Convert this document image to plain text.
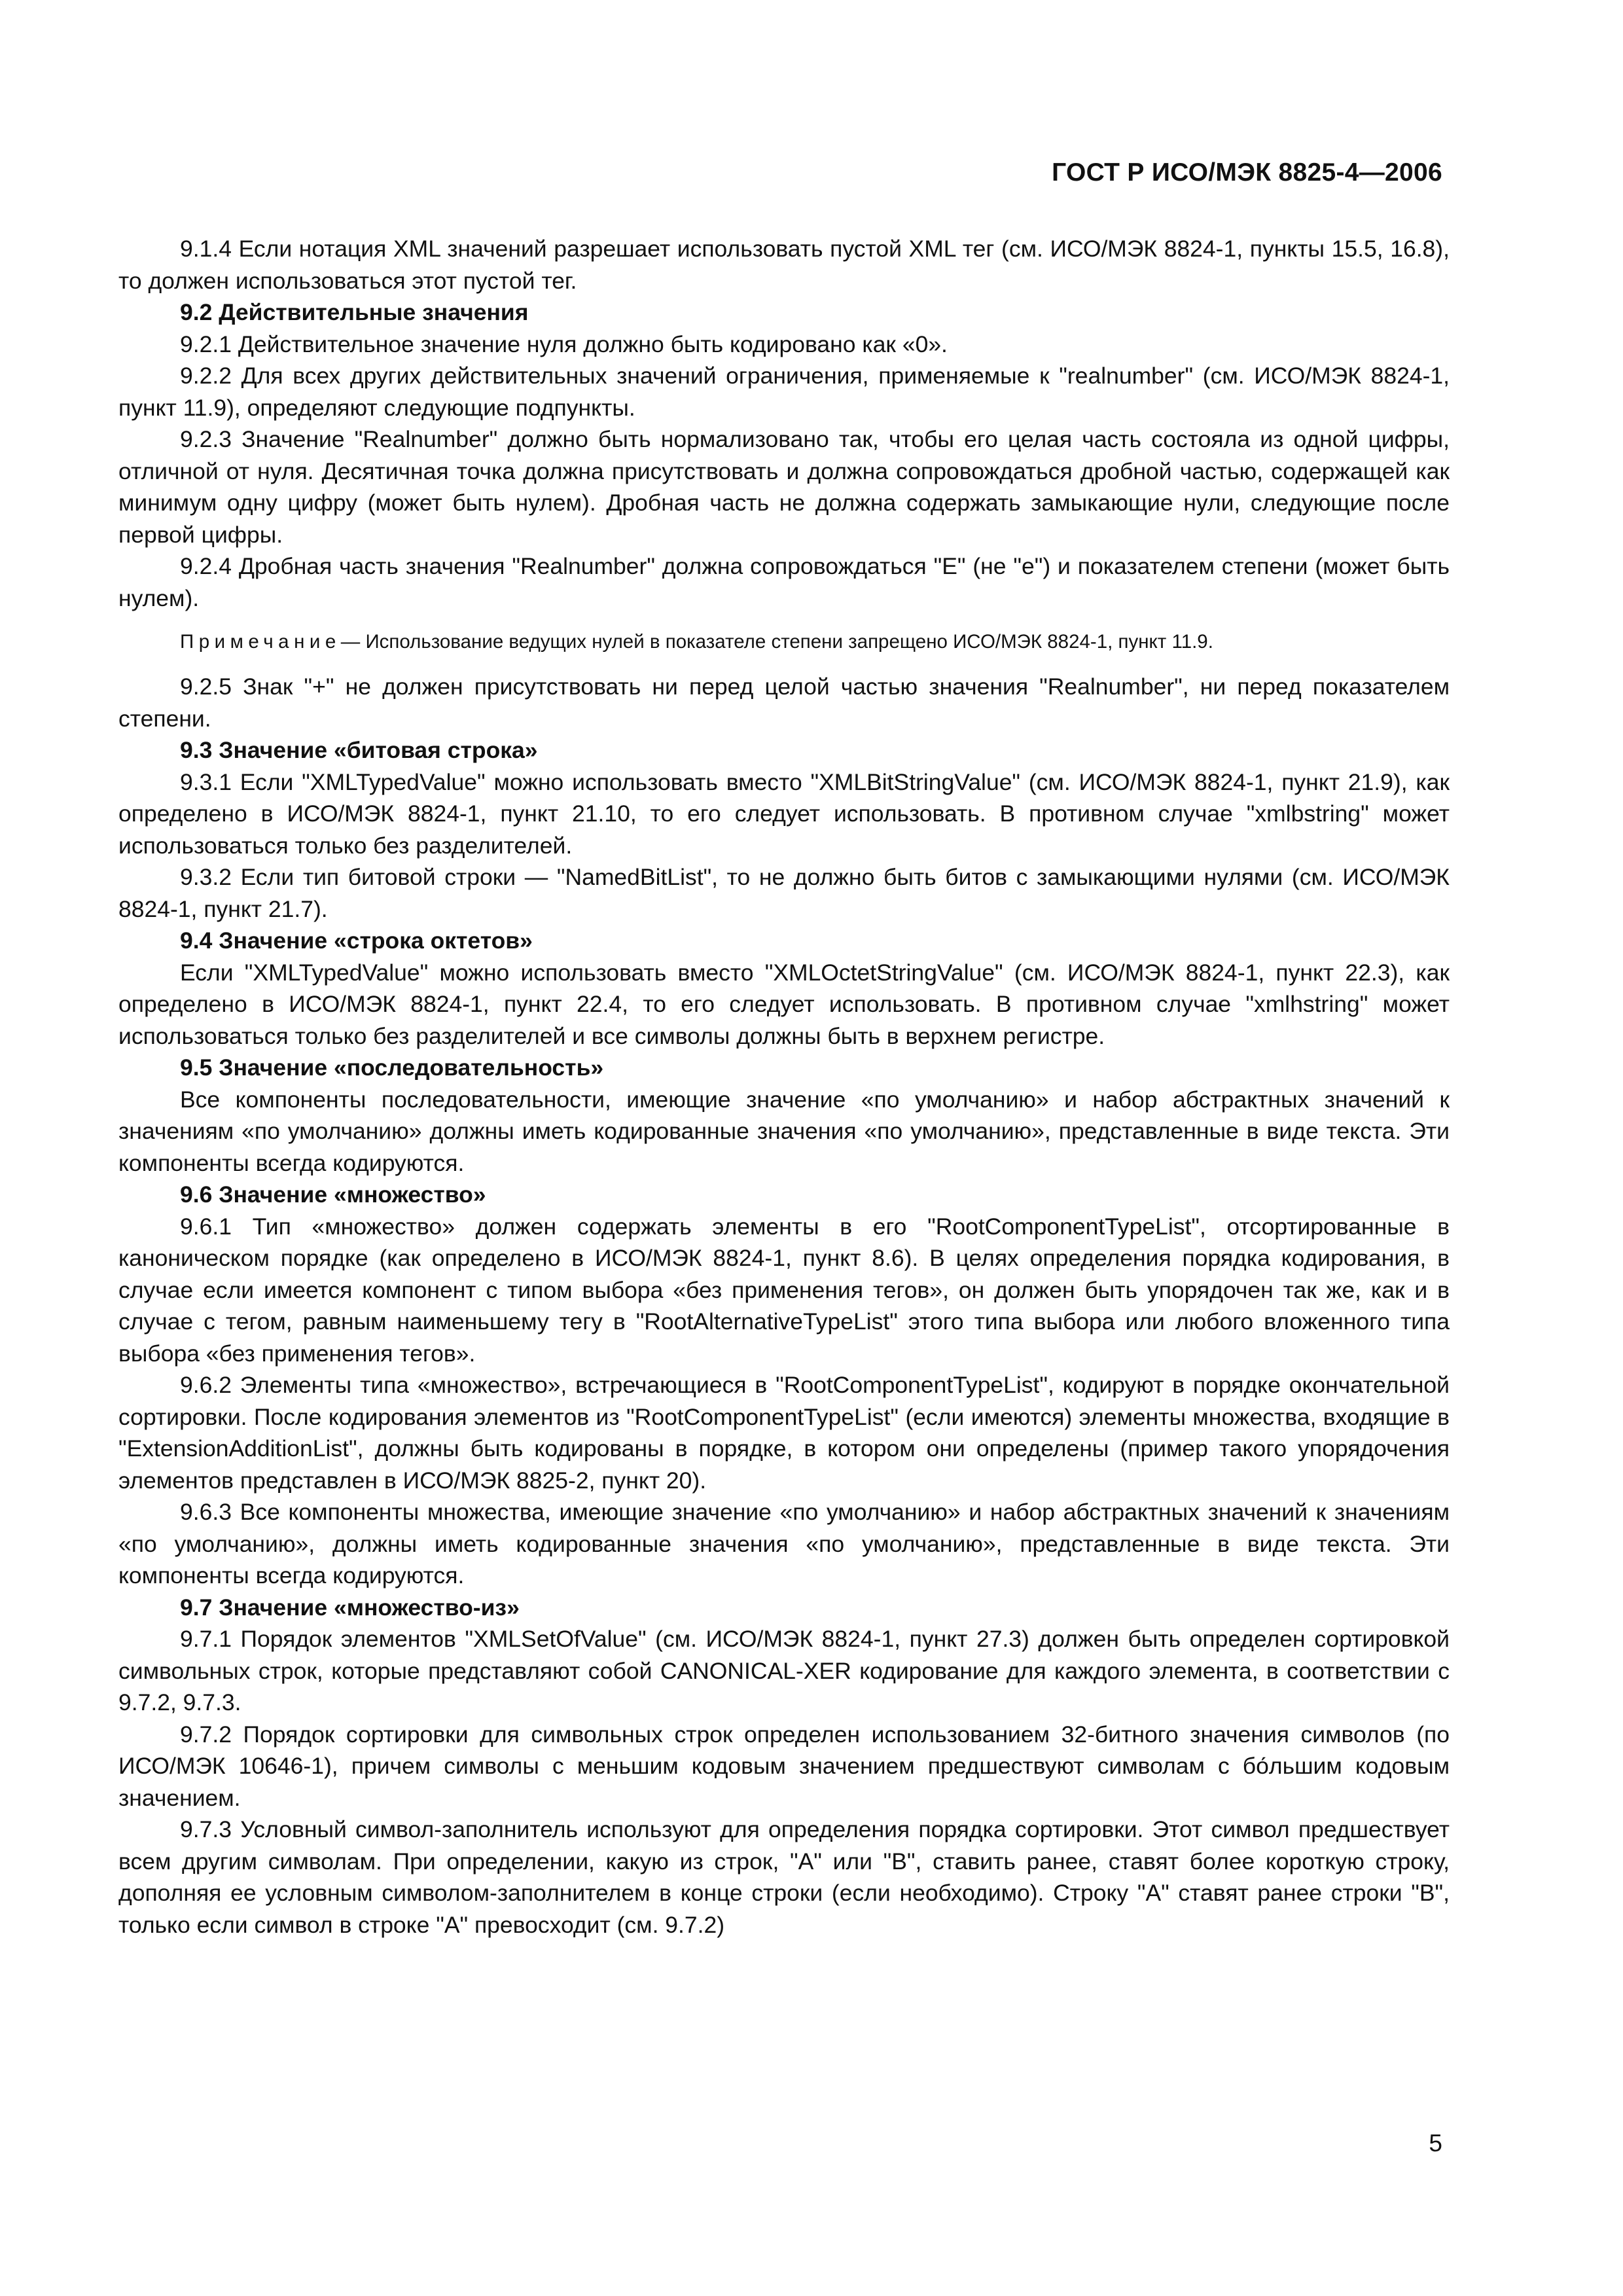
ГОСТ Р ИСО/МЭК 8825-4—2006
9.1.4 Если нотация XML значений разрешает использовать пустой XML тег (см. ИСО/МЭК 8824-1, пункты 15.5, 16.8), то должен использоваться этот пустой тег.
9.2 Действительные значения
9.2.1 Действительное значение нуля должно быть кодировано как «0».
9.2.2 Для всех других действительных значений ограничения, применяемые к "realnumber" (см. ИСО/МЭК 8824-1, пункт 11.9), определяют следующие подпункты.
9.2.3 Значение "Realnumber" должно быть нормализовано так, чтобы его целая часть состояла из одной цифры, отличной от нуля. Десятичная точка должна присутствовать и должна сопровождаться дробной частью, содержащей как минимум одну цифру (может быть нулем). Дробная часть не должна содержать замыкающие нули, следующие после первой цифры.
9.2.4 Дробная часть значения "Realnumber" должна сопровождаться "E" (не "e") и показателем степени (может быть нулем).
Примечание— Использование ведущих нулей в показателе степени запрещено ИСО/МЭК 8824-1, пункт 11.9.
9.2.5 Знак "+" не должен присутствовать ни перед целой частью значения "Realnumber", ни перед показателем степени.
9.3 Значение «битовая строка»
9.3.1 Если "XMLTypedValue" можно использовать вместо "XMLBitStringValue" (см. ИСО/МЭК 8824-1, пункт 21.9), как определено в ИСО/МЭК 8824-1, пункт 21.10, то его следует использовать. В противном случае "xmlbstring" может использоваться только без разделителей.
9.3.2 Если тип битовой строки — "NamedBitList", то не должно быть битов с замыкающими нулями (см. ИСО/МЭК 8824-1, пункт 21.7).
9.4 Значение «строка октетов»
Если "XMLTypedValue" можно использовать вместо "XMLOctetStringValue" (см. ИСО/МЭК 8824-1, пункт 22.3), как определено в ИСО/МЭК 8824-1, пункт 22.4, то его следует использовать. В противном случае "xmlhstring" может использоваться только без разделителей и все символы должны быть в верхнем регистре.
9.5 Значение «последовательность»
Все компоненты последовательности, имеющие значение «по умолчанию» и набор абстрактных значений к значениям «по умолчанию» должны иметь кодированные значения «по умолчанию», представленные в виде текста. Эти компоненты всегда кодируются.
9.6 Значение «множество»
9.6.1 Тип «множество» должен содержать элементы в его "RootComponentTypeList", отсортированные в каноническом порядке (как определено в ИСО/МЭК 8824-1, пункт 8.6). В целях определения порядка кодирования, в случае если имеется компонент с типом выбора «без применения тегов», он должен быть упорядочен так же, как и в случае с тегом, равным наименьшему тегу в "RootAlternativeTypeList" этого типа выбора или любого вложенного типа выбора «без применения тегов».
9.6.2 Элементы типа «множество», встречающиеся в "RootComponentTypeList", кодируют в порядке окончательной сортировки. После кодирования элементов из "RootComponentTypeList" (если имеются) элементы множества, входящие в "ExtensionAdditionList", должны быть кодированы в порядке, в котором они определены (пример такого упорядочения элементов представлен в ИСО/МЭК 8825-2, пункт 20).
9.6.3 Все компоненты множества, имеющие значение «по умолчанию» и набор абстрактных значений к значениям «по умолчанию», должны иметь кодированные значения «по умолчанию», представленные в виде текста. Эти компоненты всегда кодируются.
9.7 Значение «множество-из»
9.7.1 Порядок элементов "XMLSetOfValue" (см. ИСО/МЭК 8824-1, пункт 27.3) должен быть определен сортировкой символьных строк, которые представляют собой CANONICAL-XER кодирование для каждого элемента, в соответствии с 9.7.2, 9.7.3.
9.7.2 Порядок сортировки для символьных строк определен использованием 32-битного значения символов (по ИСО/МЭК 10646-1), причем символы с меньшим кодовым значением предшествуют символам с бо́льшим кодовым значением.
9.7.3 Условный символ-заполнитель используют для определения порядка сортировки. Этот символ предшествует всем другим символам. При определении, какую из строк, "A" или "B", ставить ранее, ставят более короткую строку, дополняя ее условным символом-заполнителем в конце строки (если необходимо). Строку "A" ставят ранее строки "B", только если символ в строке "A" превосходит (см. 9.7.2)
5
